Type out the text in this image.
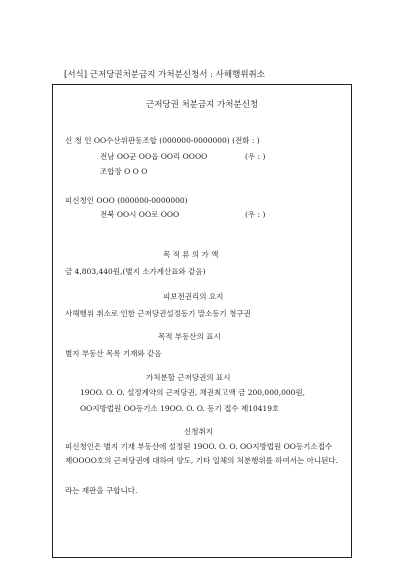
[서식] 근저당권처분금지 가처분신청서 : 사해행위취소
근저당권 처분금지 가처분신청
신 청 인 OO수산위판동조합 (000000-0000000) (전화 : )
전남 OO군 OO읍 OO리 OOOO	(우 : )
조합장 O O O
피신청인 OOO (000000-0000000)
전북 OO시 OO로 OOO	(우 : )
목 적 류 의 가 액
금 4,803,440원,(별지 소가계산표와 같음)
피보전권리의 요지
사해행위 취소로 인한 근저당권설정등기 말소등기 청구권
목적 부동산의 표시
별지 부동산 목록 기재와 같음
가처분할 근저당권의 표시
19OO. O. O. 설정계약의 근저당권, 채권최고액 금 200,000,000원,
OO지방법원 OO등기소 19OO. O. O. 등기 접수 제10419호
신청취지
피신청인은 별지 기재 부동산에 설정된 19OO. O. O. OO지방법원 OO등기소접수 제OOOO호의 근저당권에 대하여 양도, 기타 일체의 처분행위를 하여서는 아니된다.
라는 재판을 구합니다.
